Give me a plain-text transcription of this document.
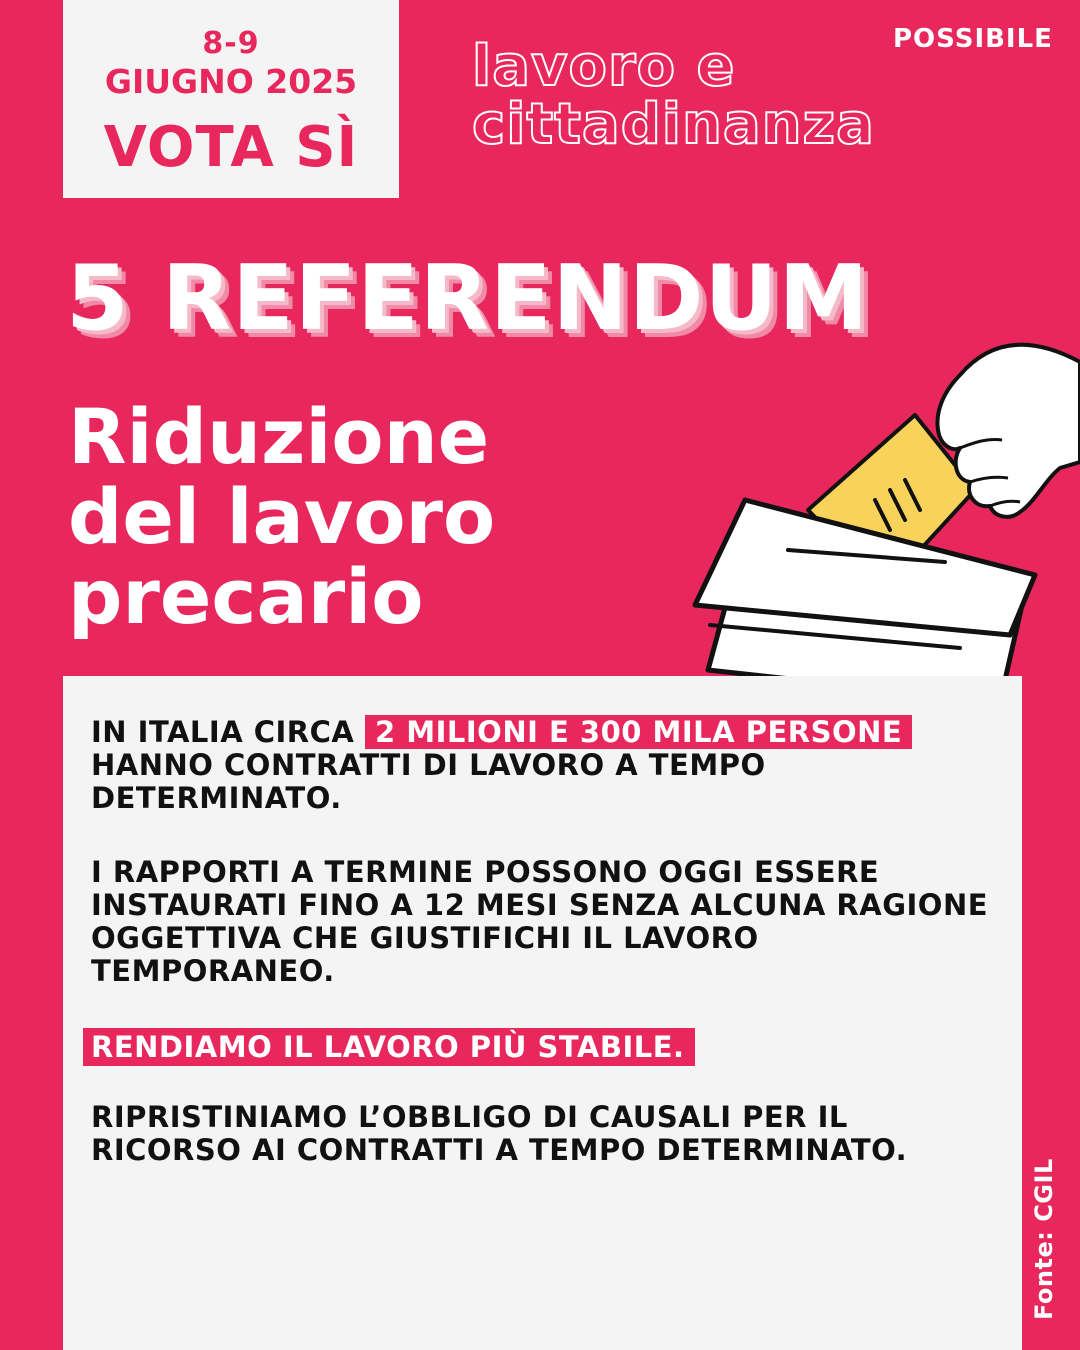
8-9
GIUGNO 2025
VOTA SÌ
lavoro e
cittadinanza
POSSIBILE
5 REFERENDUM
Riduzione
del lavoro
precario
IN ITALIA CIRCA 2 MILIONI E 300 MILA PERSONE HANNO CONTRATTI DI LAVORO A TEMPO DETERMINATO.
I RAPPORTI A TERMINE POSSONO OGGI ESSERE INSTAURATI FINO A 12 MESI SENZA ALCUNA RAGIONE OGGETTIVA CHE GIUSTIFICHI IL LAVORO TEMPORANEO.
RENDIAMO IL LAVORO PIÙ STABILE.
RIPRISTINIAMO L’OBBLIGO DI CAUSALI PER IL RICORSO AI CONTRATTI A TEMPO DETERMINATO.
Fonte: CGIL
